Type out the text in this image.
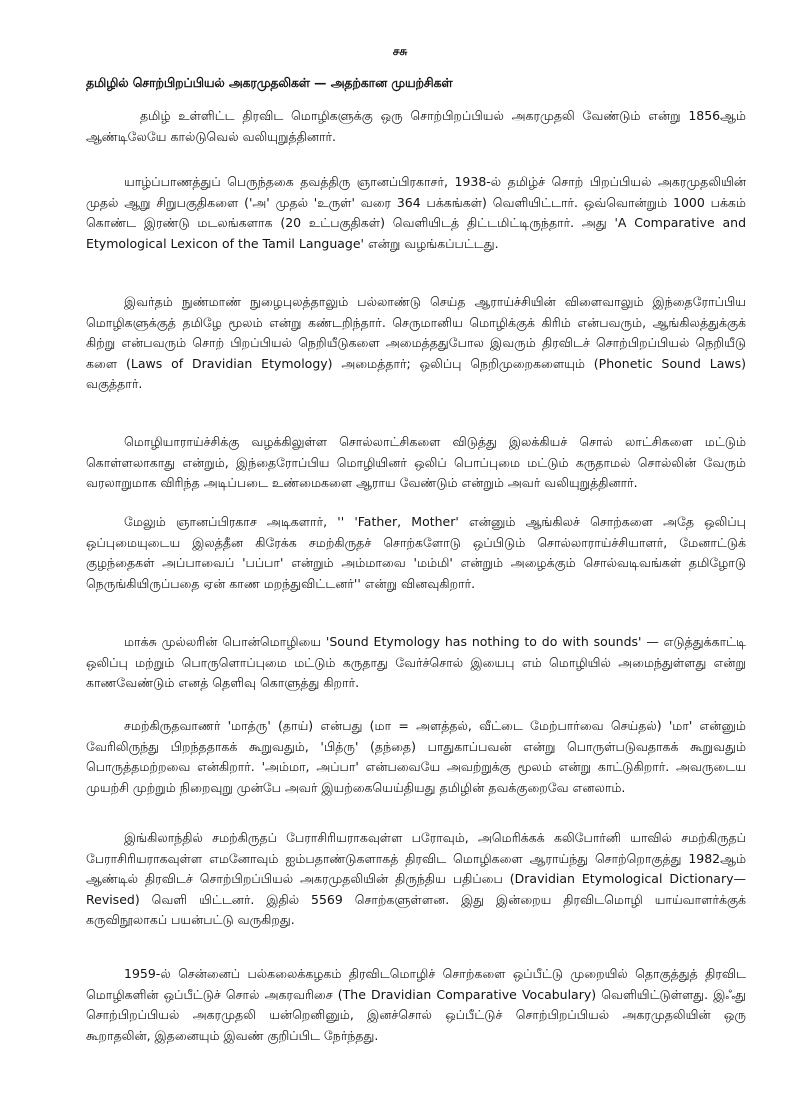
சசு
தமிழில் சொற்பிறப்பியல் அகரமுதலிகள் — அதற்கான முயற்சிகள்

தமிழ் உள்ளிட்ட திரவிட மொழிகளுக்கு ஒரு சொற்பிறப்பியல் அகரமுதலி வேண்டும் என்று 1856ஆம் ஆண்டிலேயே கால்டுவெல் வலியுறுத்தினார்.

யாழ்ப்பாணத்துப் பெருந்தகை தவத்திரு ஞானப்பிரகாசர், 1938-ல் தமிழ்ச் சொற் பிறப்பியல் அகரமுதலியின் முதல் ஆறு சிறுபகுதிகளை ('அ' முதல் 'உருள்' வரை 364 பக்கங்கள்) வெளியிட்டார். ஒவ்வொன்றும் 1000 பக்கம் கொண்ட இரண்டு மடலங்களாக (20 உட்பகுதிகள்) வெளியிடத் திட்டமிட்டிருந்தார். அது 'A Comparative and Etymological Lexicon of the Tamil Language' என்று வழங்கப்பட்டது.

இவர்தம் நுண்மாண் நுழைபுலத்தாலும் பல்லாண்டு செய்த ஆராய்ச்சியின் விளைவாலும் இந்தைரோப்பிய மொழிகளுக்குத் தமிழே மூலம் என்று கண்டறிந்தார். செருமானிய மொழிக்குக் கிரிம் என்பவரும், ஆங்கிலத்துக்குக் கிற்று என்பவரும் சொற் பிறப்பியல் நெறியீடுகளை அமைத்ததுபோல இவரும் திரவிடச் சொற்பிறப்பியல் நெறியீடு களை (Laws of Dravidian Etymology) அமைத்தார்; ஒலிப்பு நெறிமுறைகளையும் (Phonetic Sound Laws) வகுத்தார்.

மொழியாராய்ச்சிக்கு வழக்கிலுள்ள சொல்லாட்சிகளை விடுத்து இலக்கியச் சொல் லாட்சிகளை மட்டும் கொள்ளலாகாது என்றும், இந்தைரோப்பிய மொழியினர் ஒலிப் பொப்புமை மட்டும் கருதாமல் சொல்லின் வேரும் வரலாறுமாக விரிந்த அடிப்படை உண்மைகளை ஆராய வேண்டும் என்றும் அவர் வலியுறுத்தினார்.

மேலும் ஞானப்பிரகாச அடிகளார், '' 'Father, Mother' என்னும் ஆங்கிலச் சொற்களை அதே ஒலிப்பு ஒப்புமையுடைய இலத்தீன கிரேக்க சமற்கிருதச் சொற்களோடு ஒப்பிடும் சொல்லாராய்ச்சியாளர், மேனாட்டுக் குழந்தைகள் அப்பாவைப் 'பப்பா' என்றும் அம்மாவை 'மம்மி' என்றும் அழைக்கும் சொல்வடிவங்கள் தமிழோடு நெருங்கியிருப்பதை ஏன் காண மறந்துவிட்டனர்'' என்று வினவுகிறார்.

மாக்சு முல்லரின் பொன்மொழியை 'Sound Etymology has nothing to do with sounds' — எடுத்துக்காட்டி ஒலிப்பு மற்றும் பொருளொப்புமை மட்டும் கருதாது வேர்ச்சொல் இயைபு எம் மொழியில் அமைந்துள்ளது என்று காணவேண்டும் எனத் தெளிவு கொளுத்து கிறார்.

சமற்கிருதவாணர் 'மாத்ரு' (தாய்) என்பது (மா = அளத்தல், வீட்டை மேற்பார்வை செய்தல்) 'மா' என்னும் வேரிலிருந்து பிறந்ததாகக் கூறுவதும், 'பித்ரு' (தந்தை) பாதுகாப்பவன் என்று பொருள்படுவதாகக் கூறுவதும் பொருத்தமற்றவை என்கிறார். 'அம்மா, அப்பா' என்பவையே அவற்றுக்கு மூலம் என்று காட்டுகிறார். அவருடைய முயற்சி முற்றும் நிறைவுறு முன்பே அவர் இயற்கையெய்தியது தமிழின் தவக்குறைவே எனலாம்.

இங்கிலாந்தில் சமற்கிருதப் பேராசிரியராகவுள்ள பரோவும், அமெரிக்கக் கலிபோர்னி யாவில் சமற்கிருதப் பேராசிரியராகவுள்ள எமனோவும் ஐம்பதாண்டுகளாகத் திரவிட மொழிகளை ஆராய்ந்து சொற்றொகுத்து 1982ஆம் ஆண்டில் திரவிடச் சொற்பிறப்பியல் அகரமுதலியின் திருந்திய பதிப்பை (Dravidian Etymological Dictionary—Revised) வெளி யிட்டனர். இதில் 5569 சொற்களுள்ளன. இது இன்றைய திரவிடமொழி யாய்வாளர்க்குக் கருவிநூலாகப் பயன்பட்டு வருகிறது.

1959-ல் சென்னைப் பல்கலைக்கழகம் திரவிடமொழிச் சொற்களை ஒப்பீட்டு முறையில் தொகுத்துத் திரவிட மொழிகளின் ஒப்பீட்டுச் சொல் அகரவரிசை (The Dravidian Comparative Vocabulary) வெளியிட்டுள்ளது. இஃது சொற்பிறப்பியல் அகரமுதலி யன்றெனினும், இனச்சொல் ஒப்பீட்டுச் சொற்பிறப்பியல் அகரமுதலியின் ஒரு கூறாதலின், இதனையும் இவண் குறிப்பிட நேர்ந்தது.
